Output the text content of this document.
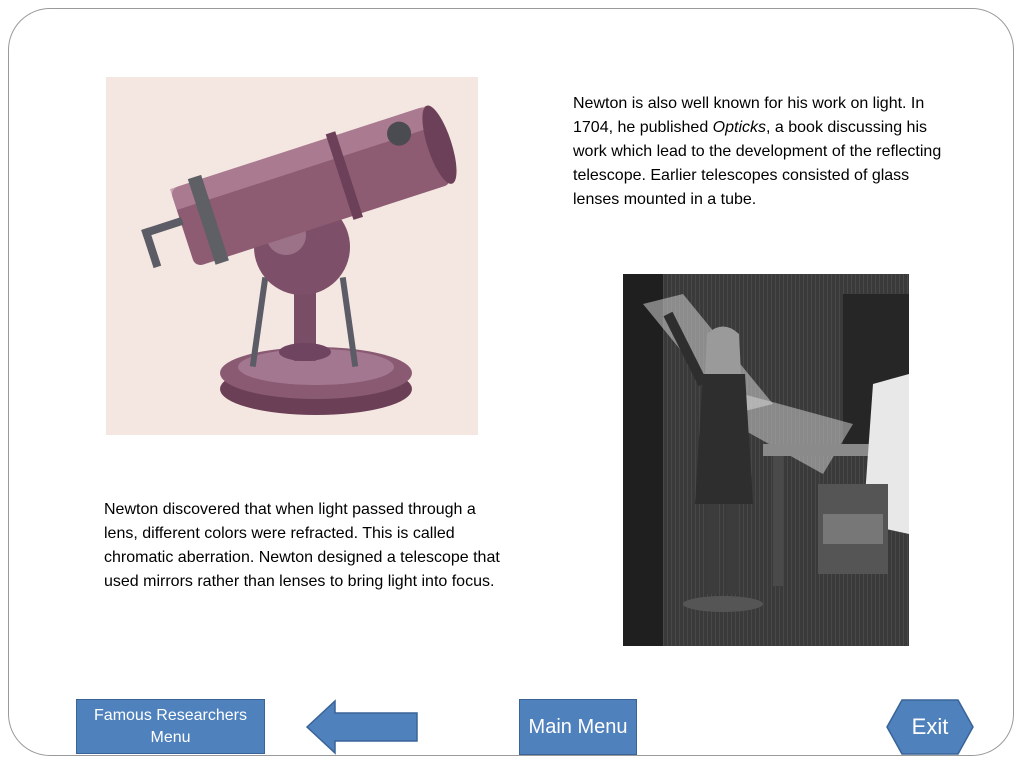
Newton is also well known for his work on light. In 1704, he published Opticks, a book discussing his work which lead to the development of the reflecting telescope. Earlier telescopes consisted of glass lenses mounted in a tube.

Newton discovered that when light passed through a lens, different colors were refracted. This is called chromatic aberration. Newton designed a telescope that used mirrors rather than lenses to bring light into focus.

Famous Researchers Menu	Main Menu	Exit
